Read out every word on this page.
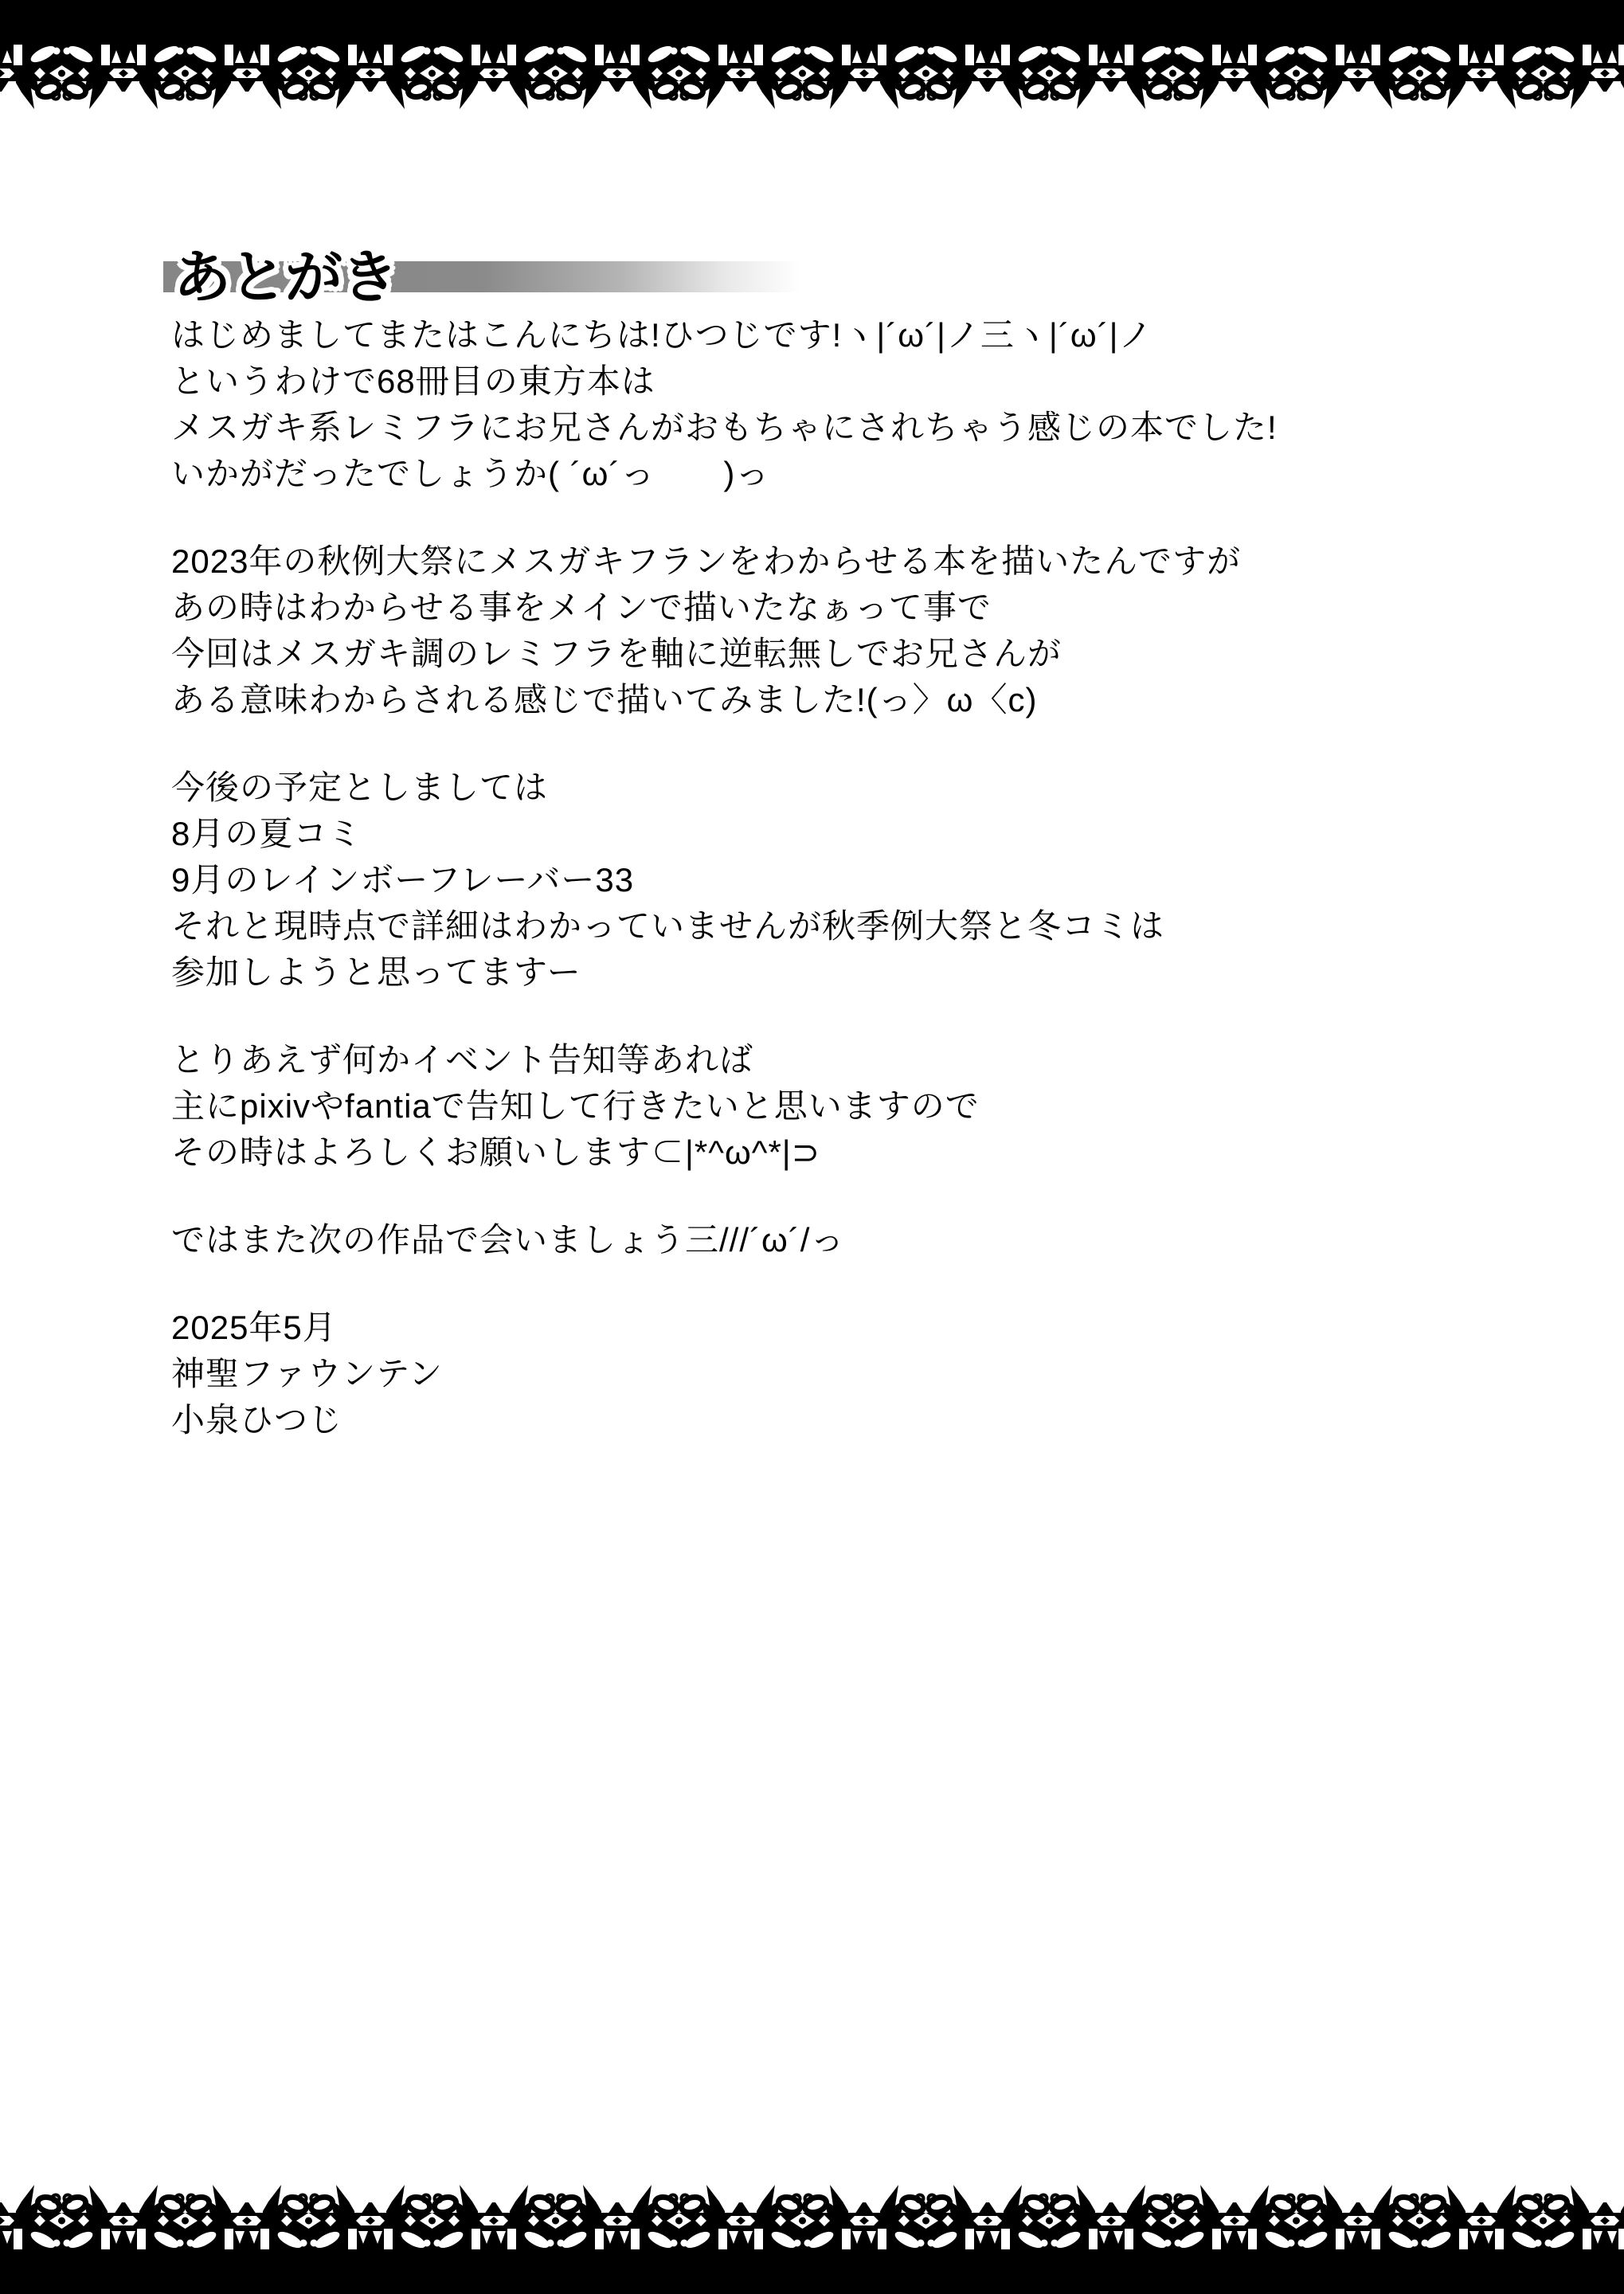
あとがき
はじめましてまたはこんにちは!ひつじです!ヽ|´ω´|ノ三ヽ|´ω´|ノ
というわけで68冊目の東方本は
メスガキ系レミフラにお兄さんがおもちゃにされちゃう感じの本でした!
いかがだったでしょうか( ´ω´っ　　)っ
2023年の秋例大祭にメスガキフランをわからせる本を描いたんですが
あの時はわからせる事をメインで描いたなぁって事で
今回はメスガキ調のレミフラを軸に逆転無しでお兄さんが
ある意味わからされる感じで描いてみました!(っ〉ω〈c)
今後の予定としましては
8月の夏コミ
9月のレインボーフレーバー33
それと現時点で詳細はわかっていませんが秋季例大祭と冬コミは
参加しようと思ってますー
とりあえず何かイベント告知等あれば
主にpixivやfantiaで告知して行きたいと思いますので
その時はよろしくお願いします⊂|*^ω^*|⊃
ではまた次の作品で会いましょう三///´ω´/っ
2025年5月
神聖ファウンテン
小泉ひつじ
